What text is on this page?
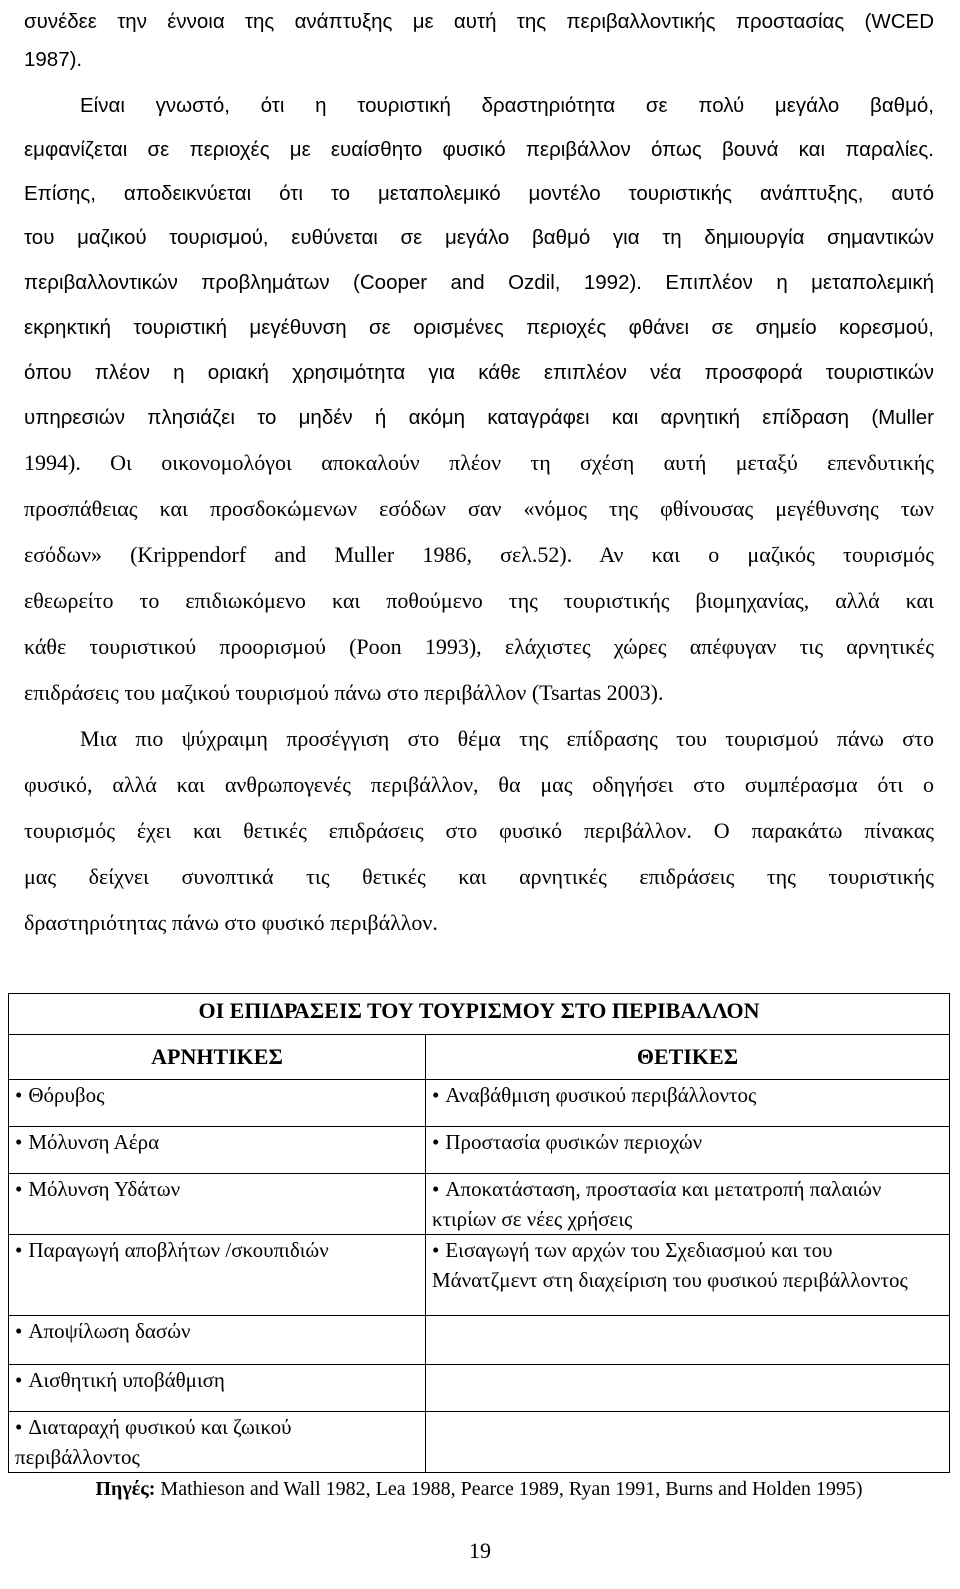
συνέδεε την έννοια της ανάπτυξης με αυτή της περιβαλλοντικής προστασίας (WCED
1987).
Είναι γνωστό, ότι η τουριστική δραστηριότητα σε πολύ μεγάλο βαθμό,
εμφανίζεται σε περιοχές με ευαίσθητο φυσικό περιβάλλον όπως βουνά και παραλίες.
Επίσης, αποδεικνύεται ότι το μεταπολεμικό μοντέλο τουριστικής ανάπτυξης, αυτό
του μαζικού τουρισμού, ευθύνεται σε μεγάλο βαθμό για τη δημιουργία σημαντικών
περιβαλλοντικών προβλημάτων (Cooper and Ozdil, 1992). Επιπλέον η μεταπολεμική
εκρηκτική τουριστική μεγέθυνση σε ορισμένες περιοχές φθάνει σε σημείο κορεσμού,
όπου πλέον η οριακή χρησιμότητα για κάθε επιπλέον νέα προσφορά τουριστικών
υπηρεσιών πλησιάζει το μηδέν ή ακόμη καταγράφει και αρνητική επίδραση (Muller
1994). Οι οικονομολόγοι αποκαλούν πλέον τη σχέση αυτή μεταξύ επενδυτικής
προσπάθειας και προσδοκώμενων εσόδων σαν «νόμος της φθίνουσας μεγέθυνσης των
εσόδων» (Krippendorf and Muller 1986, σελ.52). Αν και ο μαζικός τουρισμός
εθεωρείτο το επιδιωκόμενο και ποθούμενο της τουριστικής βιομηχανίας, αλλά και
κάθε τουριστικού προορισμού (Poon 1993), ελάχιστες χώρες απέφυγαν τις αρνητικές
επιδράσεις του μαζικού τουρισμού πάνω στο περιβάλλον (Tsartas 2003).
Μια πιο ψύχραιμη προσέγγιση στο θέμα της επίδρασης του τουρισμού πάνω στο
φυσικό, αλλά και ανθρωπογενές περιβάλλον, θα μας οδηγήσει στο συμπέρασμα ότι ο
τουρισμός έχει και θετικές επιδράσεις στο φυσικό περιβάλλον. Ο παρακάτω πίνακας
μας δείχνει συνοπτικά τις θετικές και αρνητικές επιδράσεις της τουριστικής
δραστηριότητας πάνω στο φυσικό περιβάλλον.
ΟΙ ΕΠΙΔΡΑΣΕΙΣ ΤΟΥ ΤΟΥΡΙΣΜΟΥ ΣΤΟ ΠΕΡΙΒΑΛΛΟΝ	
ΑΡΝΗΤΙΚΕΣ	ΘΕΤΙΚΕΣ
• Θόρυβος	• Αναβάθμιση φυσικού περιβάλλοντος
• Μόλυνση Αέρα	• Προστασία φυσικών περιοχών
• Μόλυνση Υδάτων	• Αποκατάσταση, προστασία και μετατροπή παλαιών κτιρίων σε νέες χρήσεις
• Παραγωγή αποβλήτων /σκουπιδιών	• Εισαγωγή των αρχών του Σχεδιασμού και του Μάνατζμεντ στη διαχείριση του φυσικού περιβάλλοντος
• Αποψίλωση δασών	
• Αισθητική υποβάθμιση	
• Διαταραχή φυσικού και ζωικού περιβάλλοντος	
Πηγές: Mathieson and Wall 1982, Lea 1988, Pearce 1989, Ryan 1991, Burns and Holden 1995)
19
